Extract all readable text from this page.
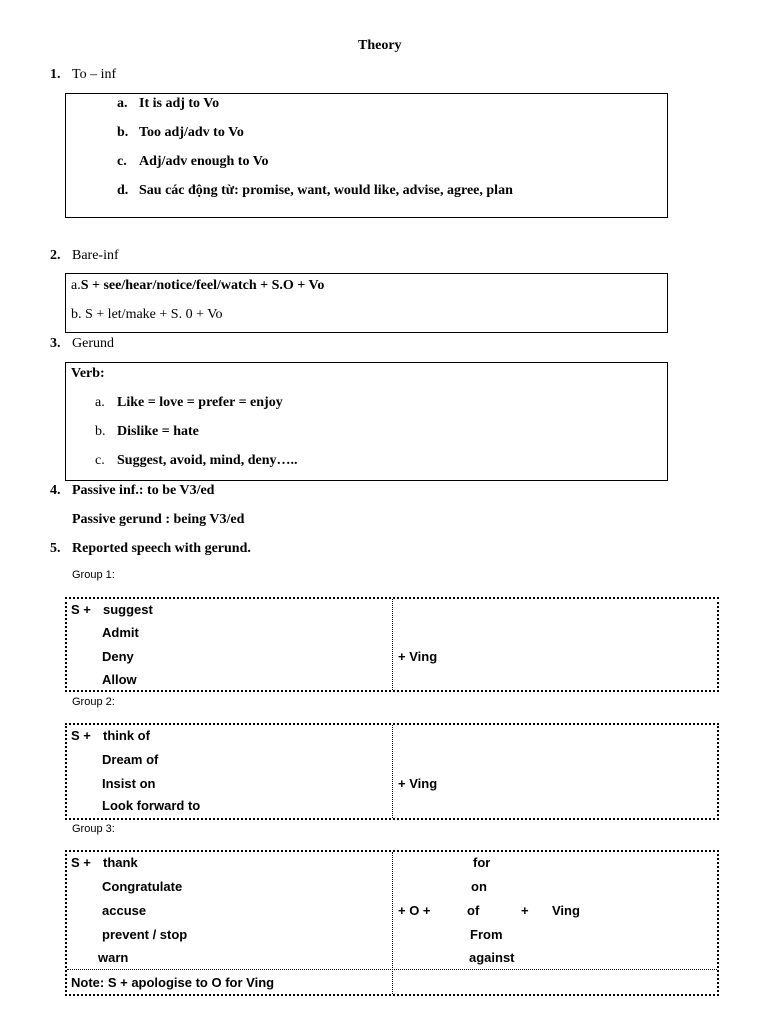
Theory
1. To – inf
a. It is adj to Vo
b. Too adj/adv to Vo
c. Adj/adv enough to Vo
d. Sau các động từ: promise, want, would like, advise, agree, plan
2. Bare-inf
a.S + see/hear/notice/feel/watch + S.O + Vo
b. S + let/make + S. 0 + Vo
3. Gerund
Verb:
a. Like = love = prefer = enjoy
b. Dislike = hate
c. Suggest, avoid, mind, deny…..
4. Passive inf.: to be V3/ed
Passive gerund : being V3/ed
5. Reported speech with gerund.
Group 1:
S + suggest
Admit
Deny
Allow
+ Ving
Group 2:
S + think of
Dream of
Insist on
Look forward to
+ Ving
Group 3:
S + thank
Congratulate
accuse
prevent / stop
warn
for
on
+ O +	of	+ Ving
From
against
Note: S + apologise to O for Ving
